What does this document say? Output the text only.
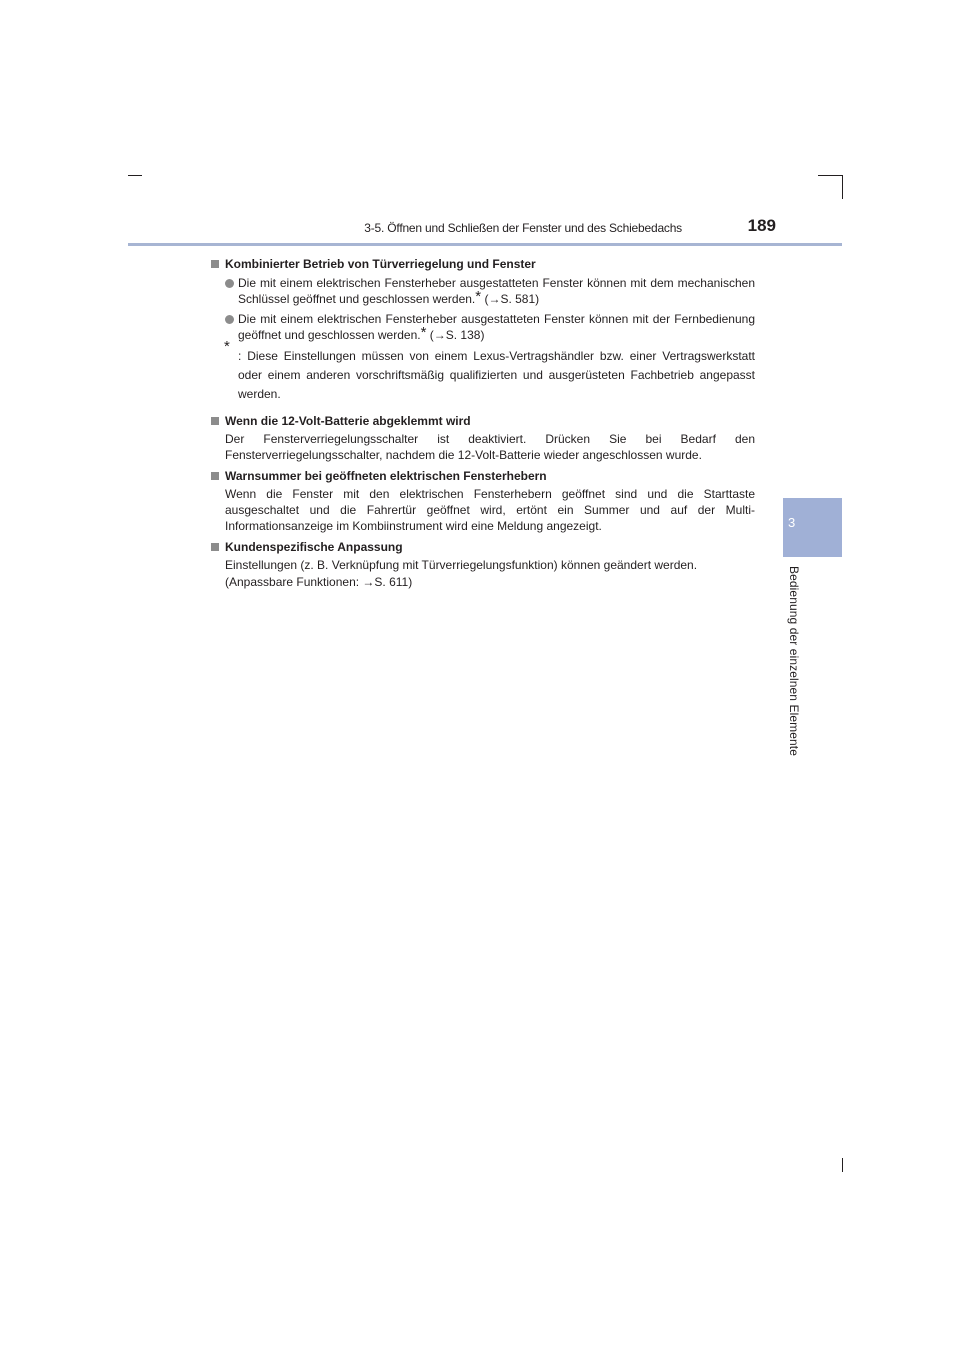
3-5. Öffnen und Schließen der Fenster und des Schiebedachs	189
3
Bedienung der einzelnen Elemente
Kombinierter Betrieb von Türverriegelung und Fenster
Die mit einem elektrischen Fensterheber ausgestatteten Fenster können mit dem mechanischen Schlüssel geöffnet und geschlossen werden.* (→S. 581)
Die mit einem elektrischen Fensterheber ausgestatteten Fenster können mit der Fernbedienung geöffnet und geschlossen werden.* (→S. 138)
*
: Diese Einstellungen müssen von einem Lexus-Vertragshändler bzw. einer Vertragswerkstatt oder einem anderen vorschriftsmäßig qualifizierten und ausgerüsteten Fachbetrieb angepasst werden.
Wenn die 12-Volt-Batterie abgeklemmt wird
Der Fensterverriegelungsschalter ist deaktiviert. Drücken Sie bei Bedarf den Fensterverriegelungsschalter, nachdem die 12-Volt-Batterie wieder angeschlossen wurde.
Warnsummer bei geöffneten elektrischen Fensterhebern
Wenn die Fenster mit den elektrischen Fensterhebern geöffnet sind und die Starttaste ausgeschaltet und die Fahrertür geöffnet wird, ertönt ein Summer und auf der Multi-Informationsanzeige im Kombiinstrument wird eine Meldung angezeigt.
Kundenspezifische Anpassung
Einstellungen (z. B. Verknüpfung mit Türverriegelungsfunktion) können geändert werden.
(Anpassbare Funktionen: →S. 611)
